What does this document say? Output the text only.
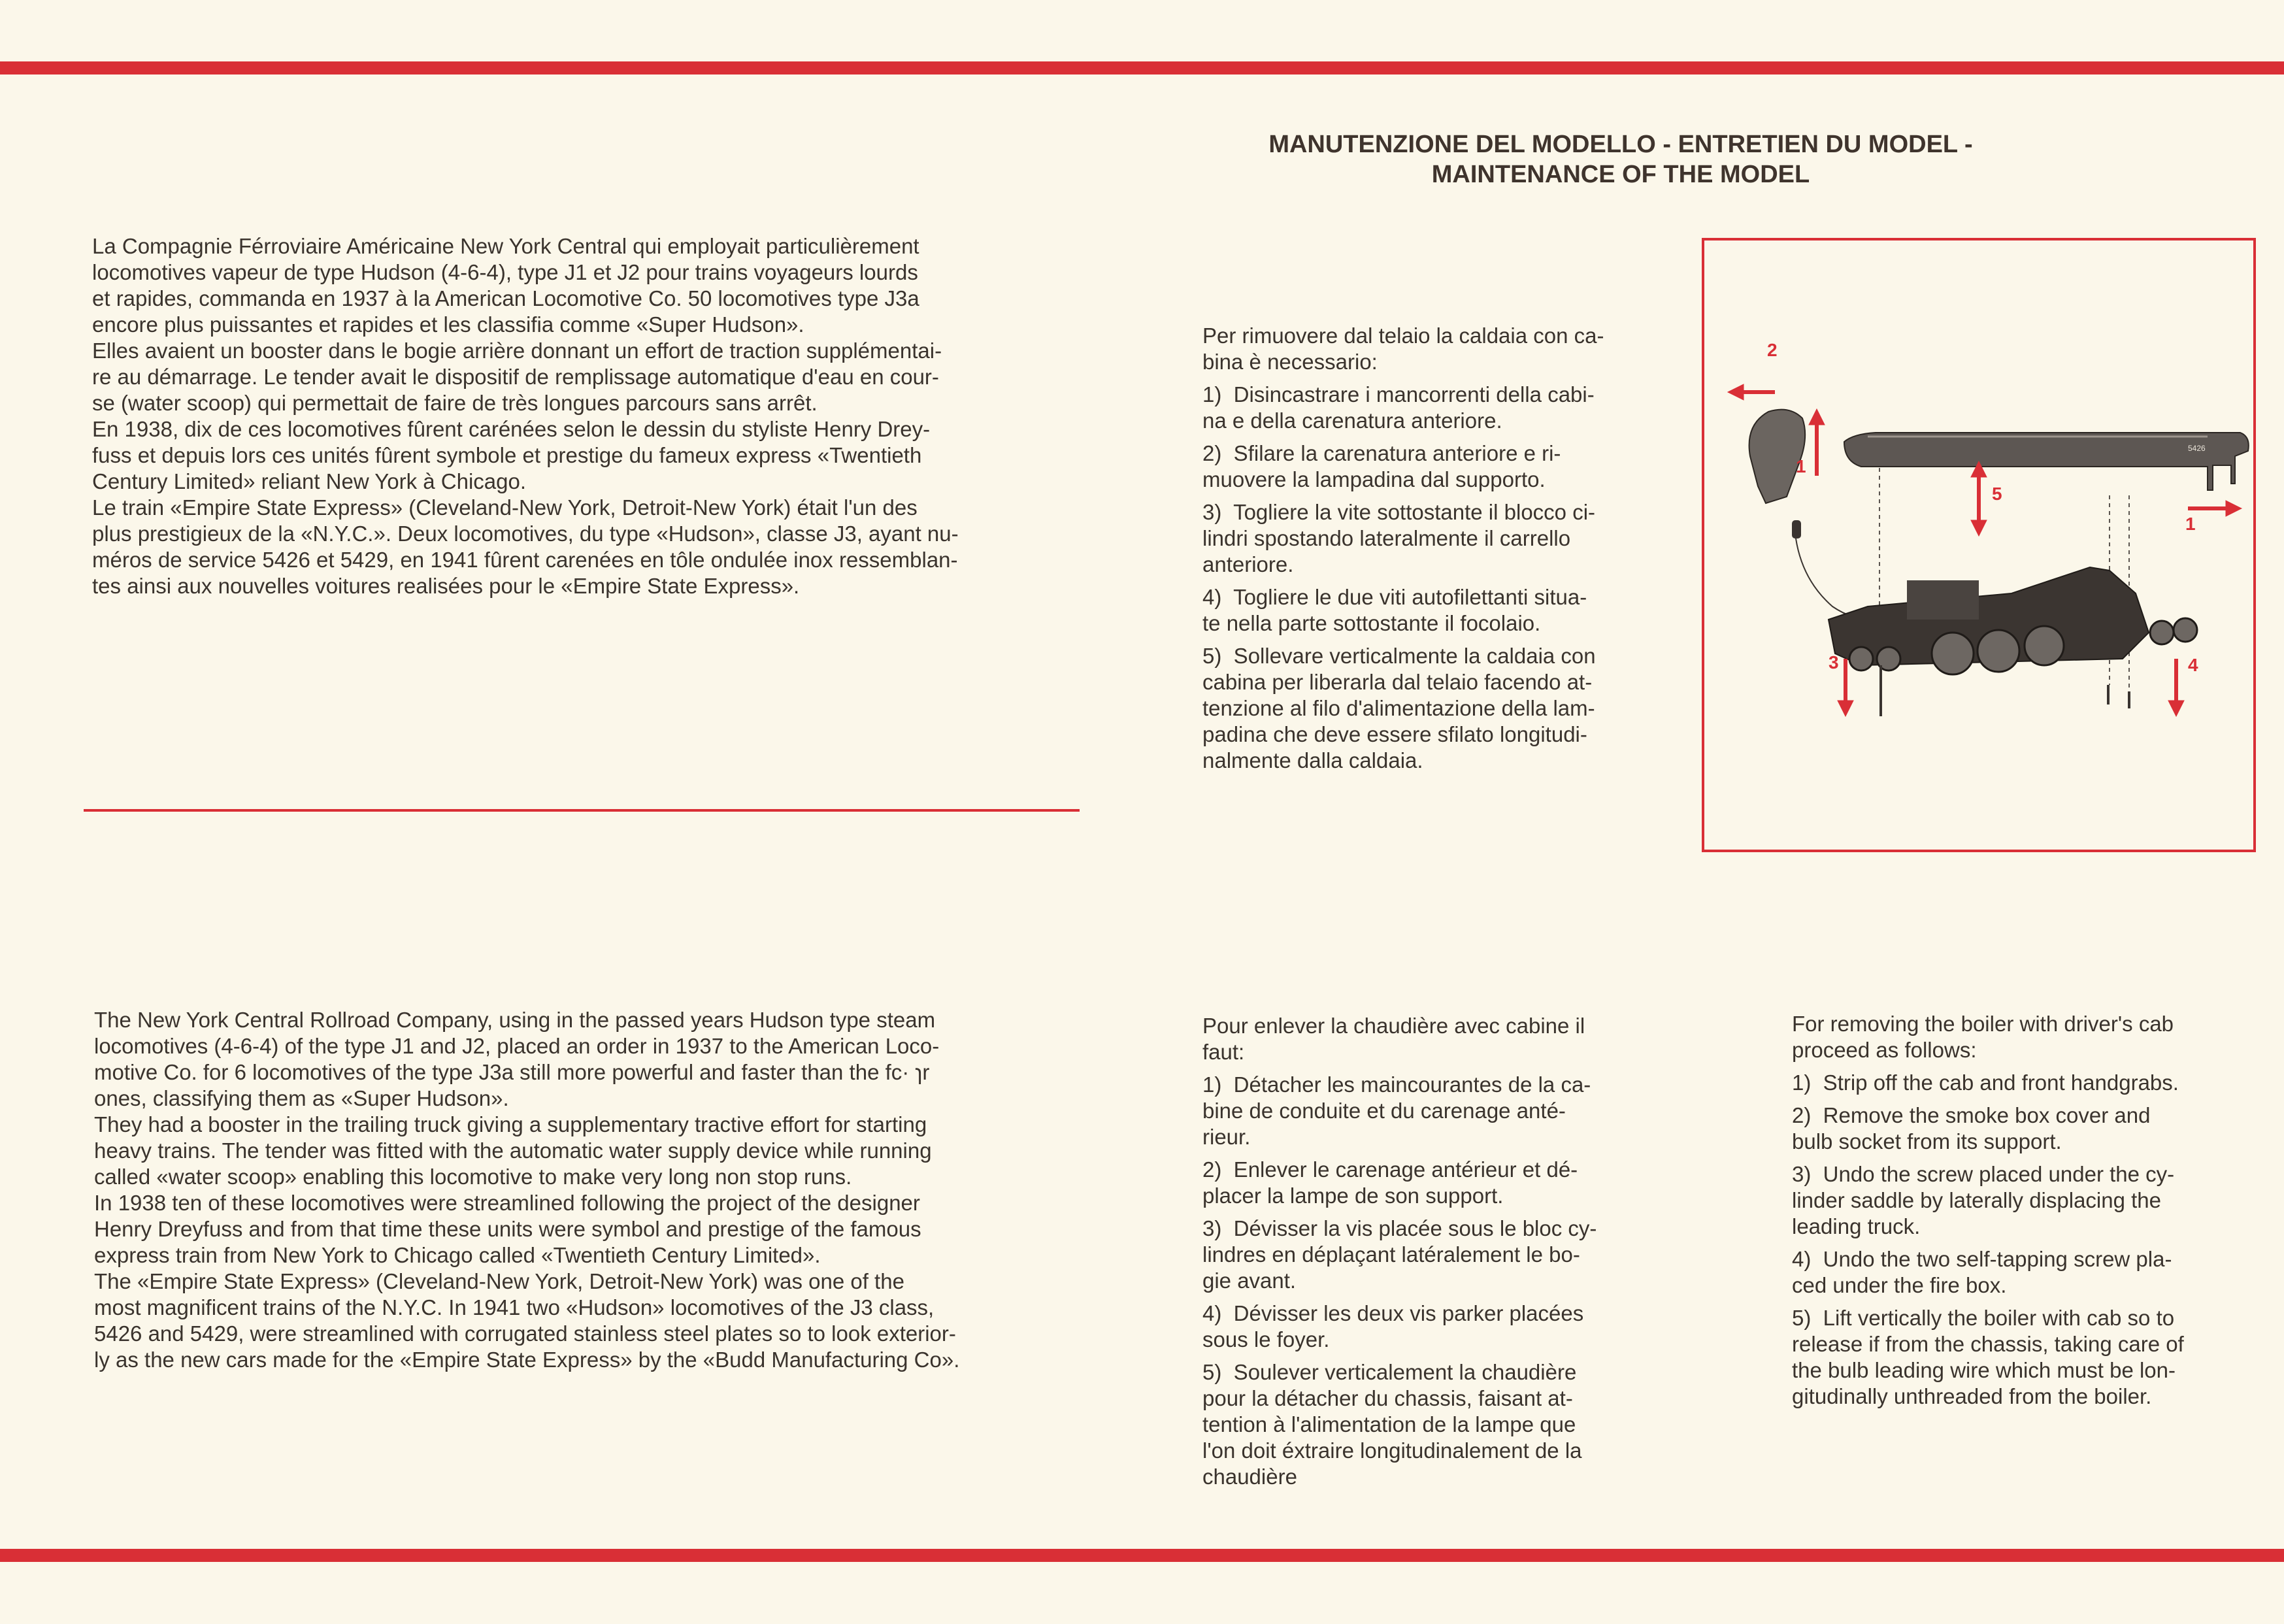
MANUTENZIONE DEL MODELLO - ENTRETIEN DU MODEL -
MAINTENANCE OF THE MODEL
La Compagnie Férroviaire Américaine New York Central qui employait particulièrement
locomotives vapeur de type Hudson (4-6-4), type J1 et J2 pour trains voyageurs lourds
et rapides, commanda en 1937 à la American Locomotive Co. 50 locomotives type J3a
encore plus puissantes et rapides et les classifia comme «Super Hudson».
Elles avaient un booster dans le bogie arrière donnant un effort de traction supplémentai-
re au démarrage. Le tender avait le dispositif de remplissage automatique d'eau en cour-
se (water scoop) qui permettait de faire de très longues parcours sans arrêt.
En 1938, dix de ces locomotives fûrent carénées selon le dessin du styliste Henry Drey-
fuss et depuis lors ces unités fûrent symbole et prestige du fameux express «Twentieth
Century Limited» reliant New York à Chicago.
Le train «Empire State Express» (Cleveland-New York, Detroit-New York) était l'un des
plus prestigieux de la «N.Y.C.». Deux locomotives, du type «Hudson», classe J3, ayant nu-
méros de service 5426 et 5429, en 1941 fûrent carenées en tôle ondulée inox ressemblan-
tes ainsi aux nouvelles voitures realisées pour le «Empire State Express».
The New York Central Rollroad Company, using in the passed years Hudson type steam
locomotives (4-6-4) of the type J1 and J2, placed an order in 1937 to the American Loco-
motive Co. for 6 locomotives of the type J3a still more powerful and faster than the fc· ɿr
ones, classifying them as «Super Hudson».
They had a booster in the trailing truck giving a supplementary tractive effort for starting
heavy trains. The tender was fitted with the automatic water supply device while running
called «water scoop» enabling this locomotive to make very long non stop runs.
In 1938 ten of these locomotives were streamlined following the project of the designer
Henry Dreyfuss and from that time these units were symbol and prestige of the famous
express train from New York to Chicago called «Twentieth Century Limited».
The «Empire State Express» (Cleveland-New York, Detroit-New York) was one of the
most magnificent trains of the N.Y.C. In 1941 two «Hudson» locomotives of the J3 class,
5426 and 5429, were streamlined with corrugated stainless steel plates so to look exterior-
ly as the new cars made for the «Empire State Express» by the «Budd Manufacturing Co».
Per rimuovere dal telaio la caldaia con ca-
bina è necessario:
1)  Disincastrare i mancorrenti della cabi-
na e della carenatura anteriore.
2)  Sfilare la carenatura anteriore e ri-
muovere la lampadina dal supporto.
3)  Togliere la vite sottostante il blocco ci-
lindri spostando lateralmente il carrello
anteriore.
4)  Togliere le due viti autofilettanti situa-
te nella parte sottostante il focolaio.
5)  Sollevare verticalmente la caldaia con
cabina per liberarla dal telaio facendo at-
tenzione al filo d'alimentazione della lam-
padina che deve essere sfilato longitudi-
nalmente dalla caldaia.
Pour enlever la chaudière avec cabine il
faut:
1)  Détacher les maincourantes de la ca-
bine de conduite et du carenage anté-
rieur.
2)  Enlever le carenage antérieur et dé-
placer la lampe de son support.
3)  Dévisser la vis placée sous le bloc cy-
lindres en déplaçant latéralement le bo-
gie avant.
4)  Dévisser les deux vis parker placées
sous le foyer.
5)  Soulever verticalement la chaudière
pour la détacher du chassis, faisant at-
tention à l'alimentation de la lampe que
l'on doit éxtraire longitudinalement de la
chaudière
For removing the boiler with driver's cab
proceed as follows:
1)  Strip off the cab and front handgrabs.
2)  Remove the smoke box cover and
bulb socket from its support.
3)  Undo the screw placed under the cy-
linder saddle by laterally displacing the
leading truck.
4)  Undo the two self-tapping screw pla-
ced under the fire box.
5)  Lift vertically the boiler with cab so to
release if from the chassis, taking care of
the bulb leading wire which must be lon-
gitudinally unthreaded from the boiler.
5426
2
1
5
1
3	4
